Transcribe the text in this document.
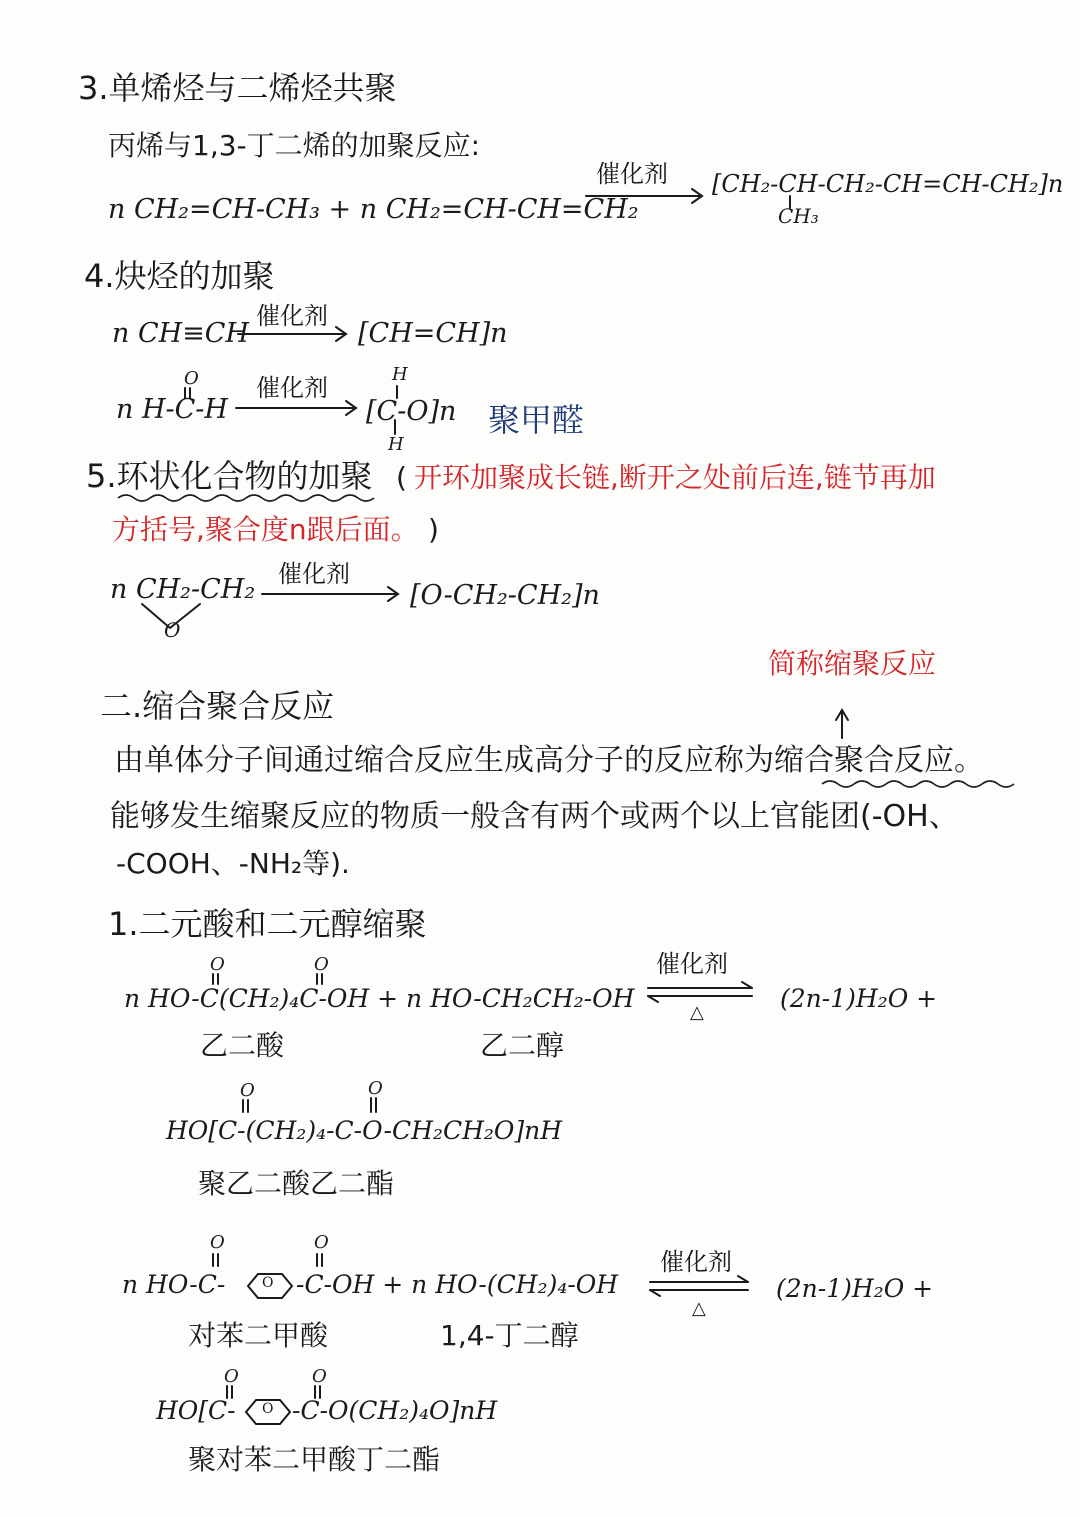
3.单烯烃与二烯烃共聚
丙烯与1,3-丁二烯的加聚反应:
n CH₂=CH-CH₃ + n CH₂=CH-CH=CH₂
催化剂 [CH₂-CH-CH₂-CH=CH-CH₂]n
CH₃
4.炔烃的加聚
n CH≡CH
催化剂
[CH=CH]n
O
n H-C-H
催化剂	H
[C-O]n
H
聚甲醛
5.环状化合物的加聚 ( 开环加聚成长链,断开之处前后连,链节再加
方括号,聚合度n跟后面。 )
n CH₂-CH₂
O
催化剂
[O-CH₂-CH₂]n
简称缩聚反应
二.缩合聚合反应
由单体分子间通过缩合反应生成高分子的反应称为缩合聚合反应。
能够发生缩聚反应的物质一般含有两个或两个以上官能团(-OH、
-COOH、-NH₂等).
1.二元酸和二元醇缩聚
O	O
n HO-C(CH₂)₄C-OH + n HO-CH₂CH₂-OH
催化剂
△	(2n-1)H₂O +
乙二酸	乙二醇
O	O
HO[C-(CH₂)₄-C-O-CH₂CH₂O]nH
聚乙二酸乙二酯
O	O
n HO-C-	O -C-OH + n HO-(CH₂)₄-OH
催化剂
△
(2n-1)H₂O +
对苯二甲酸	1,4-丁二醇
O	O
HO[C- O -C-O(CH₂)₄O]nH
聚对苯二甲酸丁二酯
